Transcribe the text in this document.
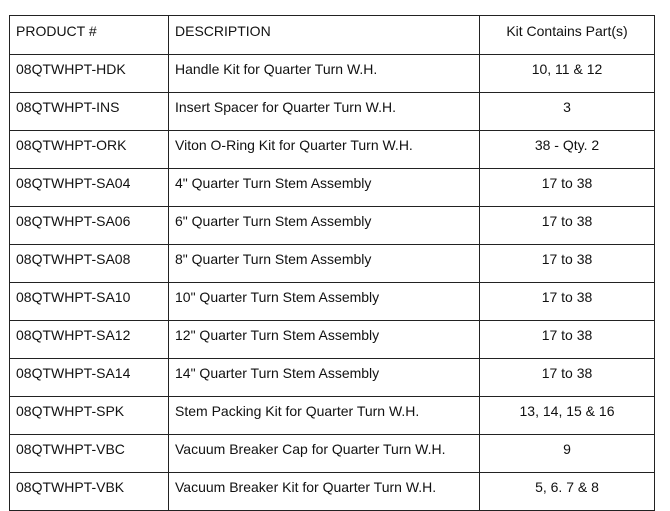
PRODUCT #	DESCRIPTION	Kit Contains Part(s)
08QTWHPT-HDK	Handle Kit for Quarter Turn W.H.	10, 11 & 12
08QTWHPT-INS	Insert Spacer for Quarter Turn W.H.	3
08QTWHPT-ORK	Viton O-Ring Kit for Quarter Turn W.H.	38 - Qty. 2
08QTWHPT-SA04	4" Quarter Turn Stem Assembly	17 to 38
08QTWHPT-SA06	6" Quarter Turn Stem Assembly	17 to 38
08QTWHPT-SA08	8" Quarter Turn Stem Assembly	17 to 38
08QTWHPT-SA10	10" Quarter Turn Stem Assembly	17 to 38
08QTWHPT-SA12	12" Quarter Turn Stem Assembly	17 to 38
08QTWHPT-SA14	14" Quarter Turn Stem Assembly	17 to 38
08QTWHPT-SPK	Stem Packing Kit for Quarter Turn W.H.	13, 14, 15 & 16
08QTWHPT-VBC	Vacuum Breaker Cap for Quarter Turn W.H.	9
08QTWHPT-VBK	Vacuum Breaker Kit for Quarter Turn W.H.	5, 6. 7 & 8
